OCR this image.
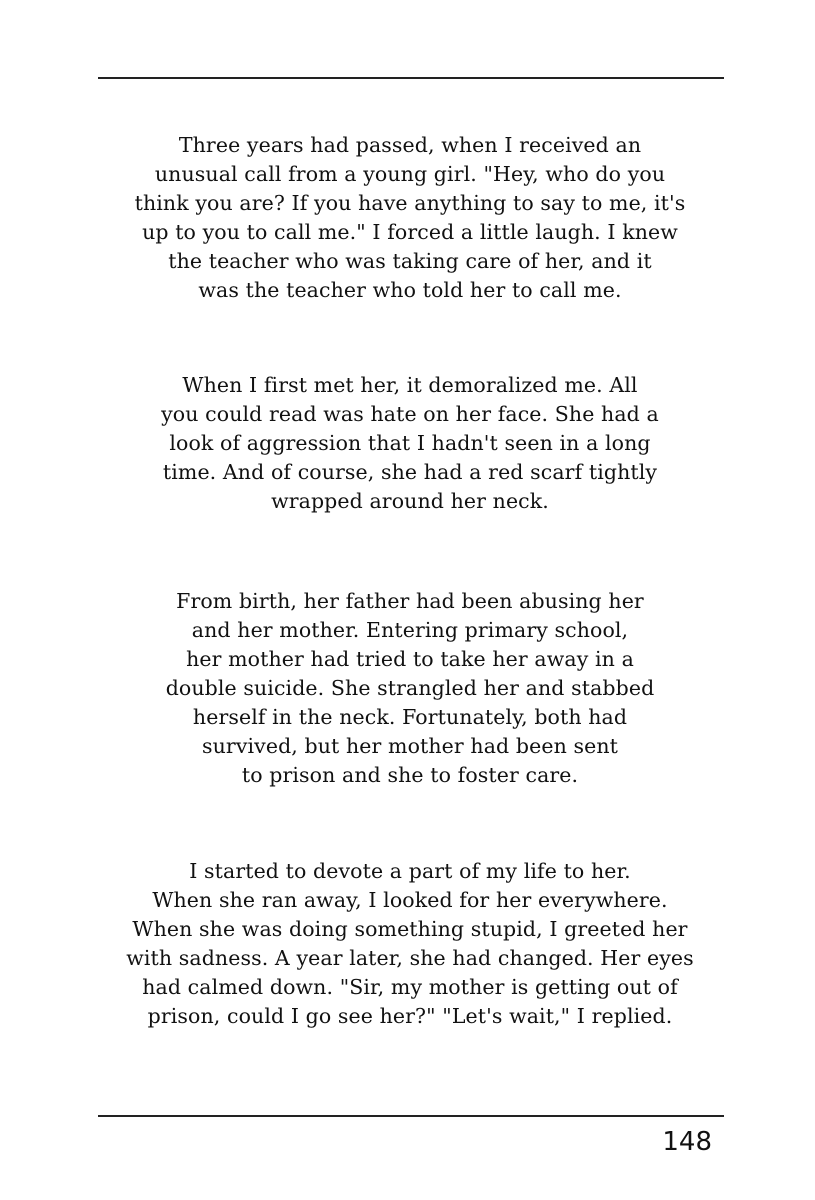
Three years had passed, when I received an
unusual call from a young girl. "Hey, who do you
think you are? If you have anything to say to me, it's
up to you to call me." I forced a little laugh. I knew
the teacher who was taking care of her, and it
was the teacher who told her to call me.
When I first met her, it demoralized me. All
you could read was hate on her face. She had a
look of aggression that I hadn't seen in a long
time. And of course, she had a red scarf tightly
wrapped around her neck.
From birth, her father had been abusing her
and her mother. Entering primary school,
her mother had tried to take her away in a
double suicide. She strangled her and stabbed
herself in the neck. Fortunately, both had
survived, but her mother had been sent
to prison and she to foster care.
I started to devote a part of my life to her.
When she ran away, I looked for her everywhere.
When she was doing something stupid, I greeted her
with sadness. A year later, she had changed. Her eyes
had calmed down. "Sir, my mother is getting out of
prison, could I go see her?" "Let's wait," I replied.
148
